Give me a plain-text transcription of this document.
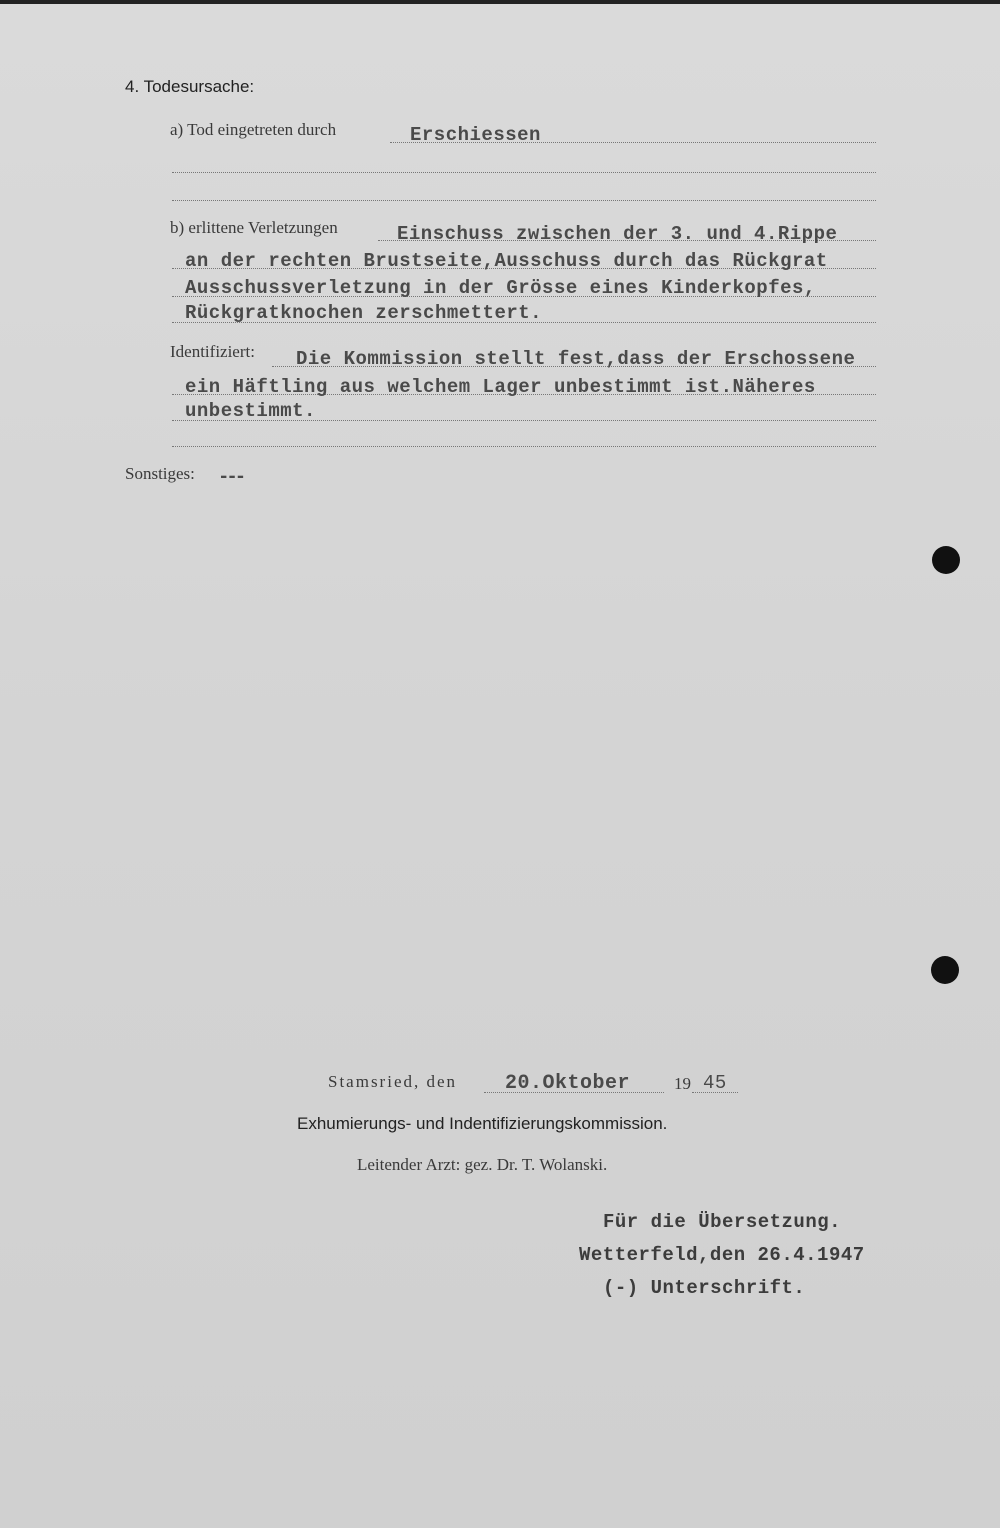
4. Todesursache:
a) Tod eingetreten durch	Erschiessen
b) erlittene Verletzungen	Einschuss zwischen der 3. und 4.Rippe
an der rechten Brustseite,Ausschuss durch das Rückgrat
Ausschussverletzung in der Grösse eines Kinderkopfes,
Rückgratknochen zerschmettert.
Identifiziert: Die Kommission stellt fest,dass der Erschossene
ein Häftling aus welchem Lager unbestimmt ist.Näheres
unbestimmt.
Sonstiges: ---
Stamsried, den 20.Oktober	19 45
Exhumierungs- und Indentifizierungskommission.
Leitender Arzt: gez. Dr. T. Wolanski.
Für die Übersetzung.
Wetterfeld,den 26.4.1947
(-) Unterschrift.
